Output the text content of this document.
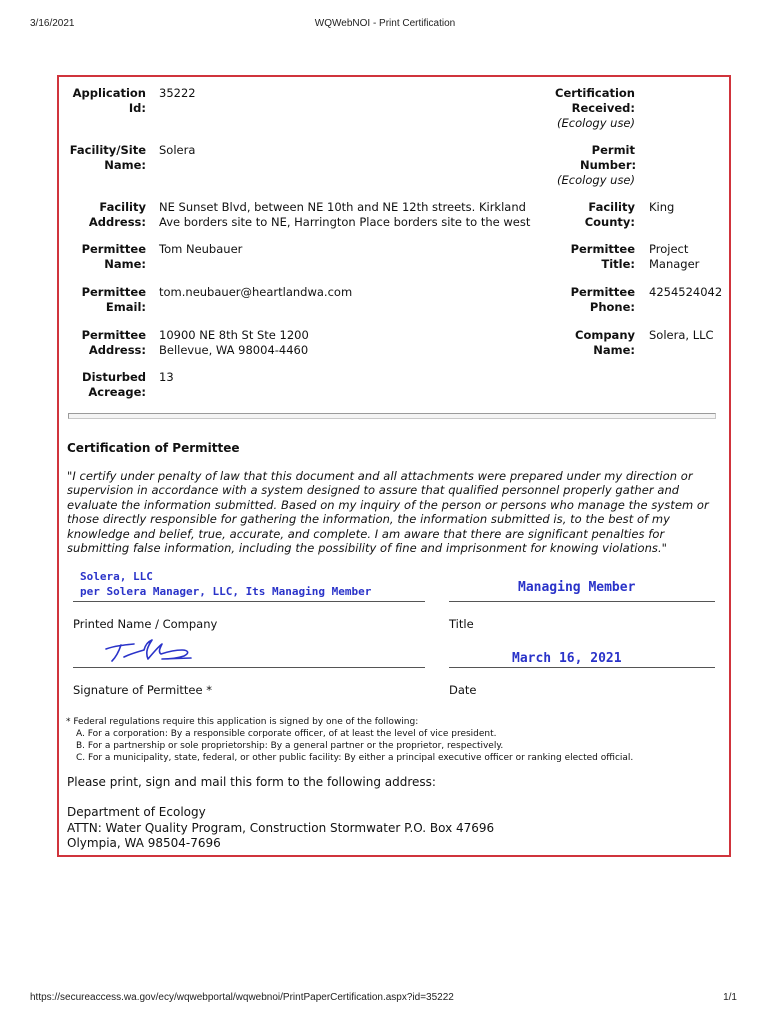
3/16/2021	WQWebNOI - Print Certification
Application Id:
35222	Certification Received:
(Ecology use)
Facility/Site Name:
Solera	Permit Number:
(Ecology use)
Facility Address:
NE Sunset Blvd, between NE 10th and NE 12th streets. Kirkland Ave borders site to NE, Harrington Place borders site to the west
Facility County:
King
Permittee Name:
Tom Neubauer	Permittee Title:
Project Manager
Permittee Email:
tom.neubauer@heartlandwa.com	Permittee Phone:
4254524042
Permittee Address:
10900 NE 8th St Ste 1200
Bellevue, WA 98004-4460
Company Name:
Solera, LLC
Disturbed Acreage:
13
Certification of Permittee
"I certify under penalty of law that this document and all attachments were prepared under my direction or supervision in accordance with a system designed to assure that qualified personnel properly gather and evaluate the information submitted. Based on my inquiry of the person or persons who manage the system or those directly responsible for gathering the information, the information submitted is, to the best of my knowledge and belief, true, accurate, and complete. I am aware that there are significant penalties for submitting false information, including the possibility of fine and imprisonment for knowing violations."
Solera, LLC
per Solera Manager, LLC, Its Managing Member
Printed Name / Company
Managing Member
Title
Signature of Permittee *
March 16, 2021
Date
* Federal regulations require this application is signed by one of the following:
A. For a corporation: By a responsible corporate officer, of at least the level of vice president.
B. For a partnership or sole proprietorship: By a general partner or the proprietor, respectively.
C. For a municipality, state, federal, or other public facility: By either a principal executive officer or ranking elected official.
Please print, sign and mail this form to the following address:
Department of Ecology
ATTN: Water Quality Program, Construction Stormwater P.O. Box 47696
Olympia, WA 98504-7696
https://secureaccess.wa.gov/ecy/wqwebportal/wqwebnoi/PrintPaperCertification.aspx?id=35222	1/1
